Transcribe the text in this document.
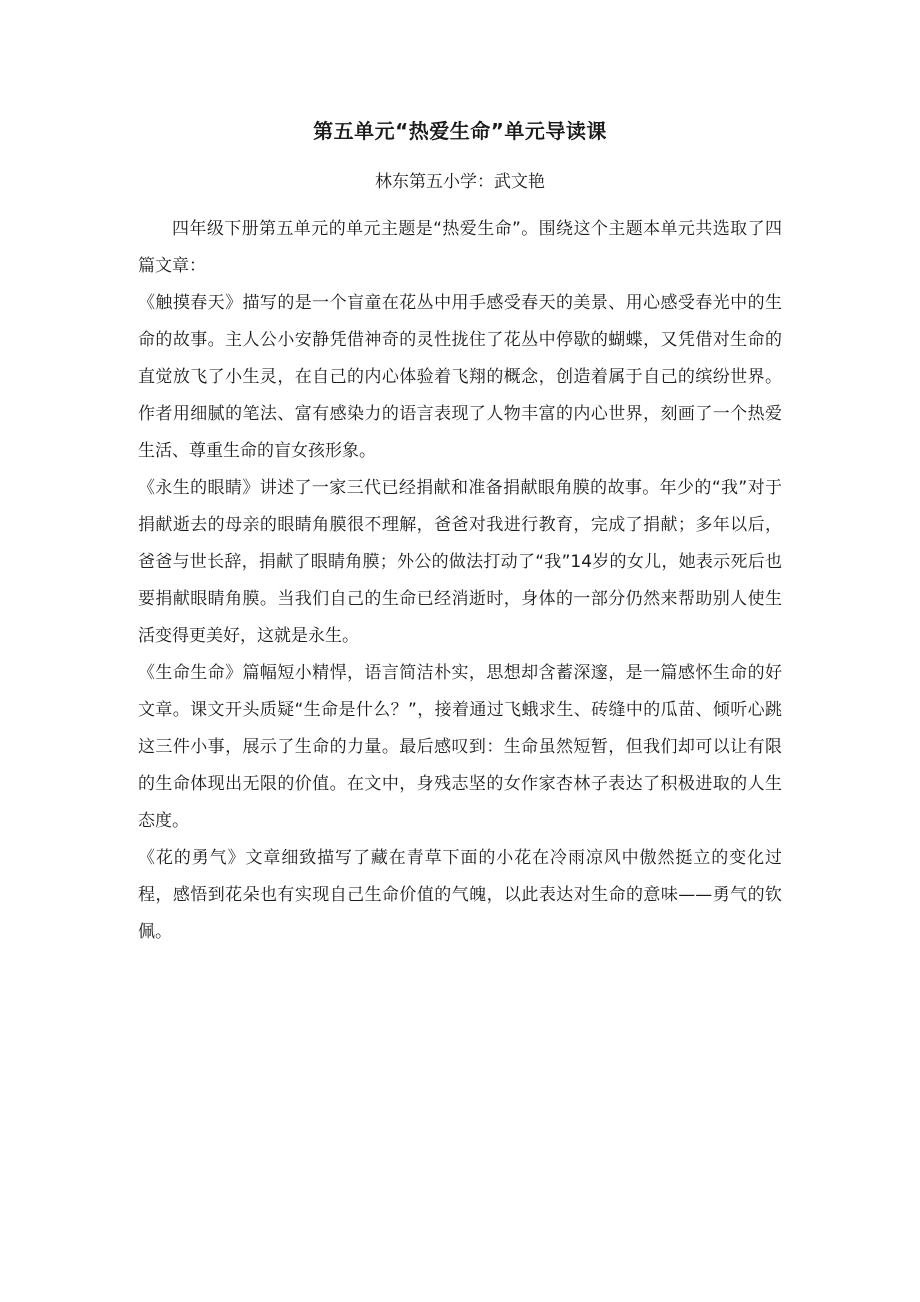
第五单元“热爱生命”单元导读课
林东第五小学：武文艳

四年级下册第五单元的单元主题是“热爱生命”。围绕这个主题本单元共选取了四篇文章：

《触摸春天》描写的是一个盲童在花丛中用手感受春天的美景、用心感受春光中的生命的故事。主人公小安静凭借神奇的灵性拢住了花丛中停歇的蝴蝶，又凭借对生命的直觉放飞了小生灵，在自己的内心体验着飞翔的概念，创造着属于自己的缤纷世界。作者用细腻的笔法、富有感染力的语言表现了人物丰富的内心世界，刻画了一个热爱生活、尊重生命的盲女孩形象。

《永生的眼睛》讲述了一家三代已经捐献和准备捐献眼角膜的故事。年少的“我”对于捐献逝去的母亲的眼睛角膜很不理解，爸爸对我进行教育，完成了捐献；多年以后，爸爸与世长辞，捐献了眼睛角膜；外公的做法打动了“我”14岁的女儿，她表示死后也要捐献眼睛角膜。当我们自己的生命已经消逝时，身体的一部分仍然来帮助别人使生活变得更美好，这就是永生。

《生命生命》篇幅短小精悍，语言简洁朴实，思想却含蓄深邃，是一篇感怀生命的好文章。课文开头质疑“生命是什么？”，接着通过飞蛾求生、砖缝中的瓜苗、倾听心跳这三件小事，展示了生命的力量。最后感叹到：生命虽然短暂，但我们却可以让有限的生命体现出无限的价值。在文中，身残志坚的女作家杏林子表达了积极进取的人生态度。

《花的勇气》文章细致描写了藏在青草下面的小花在冷雨凉风中傲然挺立的变化过程，感悟到花朵也有实现自己生命价值的气魄，以此表达对生命的意味——勇气的钦佩。
